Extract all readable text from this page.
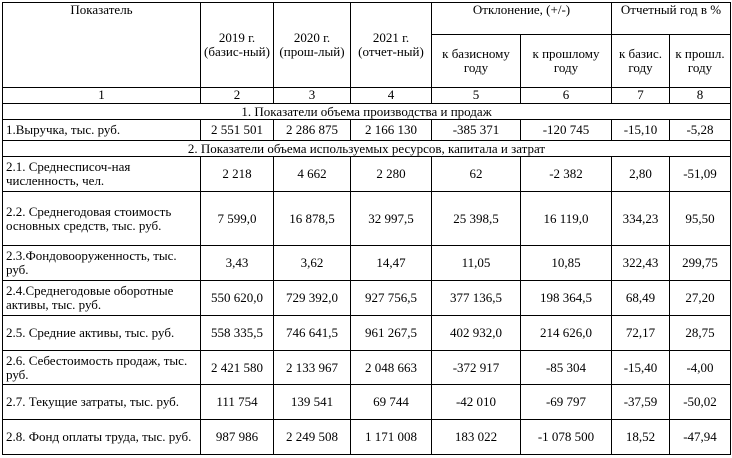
Показатель	2019 г. (базис-ный)	2020 г. (прош-лый)	2021 г. (отчет-ный)	Отклонение, (+/-)		Отчетный год в %	
				к базисному году	к прошлому году	к базис. году	к прошл. году
1	2	3	4	5	6	7	8
1. Показатели объема производства и продаж							
1.Выручка, тыс. руб.	2 551 501	2 286 875	2 166 130	-385 371	-120 745	-15,10	-5,28
2. Показатели объема используемых ресурсов, капитала и затрат							
2.1. Среднесписоч-ная численность, чел.	2 218	4 662	2 280	62	-2 382	2,80	-51,09
2.2. Среднегодовая стоимость основных средств, тыс. руб.	7 599,0	16 878,5	32 997,5	25 398,5	16 119,0	334,23	95,50
2.3.Фондовооруженность, тыс. руб.	3,43	3,62	14,47	11,05	10,85	322,43	299,75
2.4.Среднегодовые оборотные активы, тыс. руб.	550 620,0	729 392,0	927 756,5	377 136,5	198 364,5	68,49	27,20
2.5. Средние активы, тыс. руб.	558 335,5	746 641,5	961 267,5	402 932,0	214 626,0	72,17	28,75
2.6. Себестоимость продаж, тыс. руб.	2 421 580	2 133 967	2 048 663	-372 917	-85 304	-15,40	-4,00
2.7. Текущие затраты, тыс. руб.	111 754	139 541	69 744	-42 010	-69 797	-37,59	-50,02
2.8. Фонд оплаты труда, тыс. руб.	987 986	2 249 508	1 171 008	183 022	-1 078 500	18,52	-47,94
